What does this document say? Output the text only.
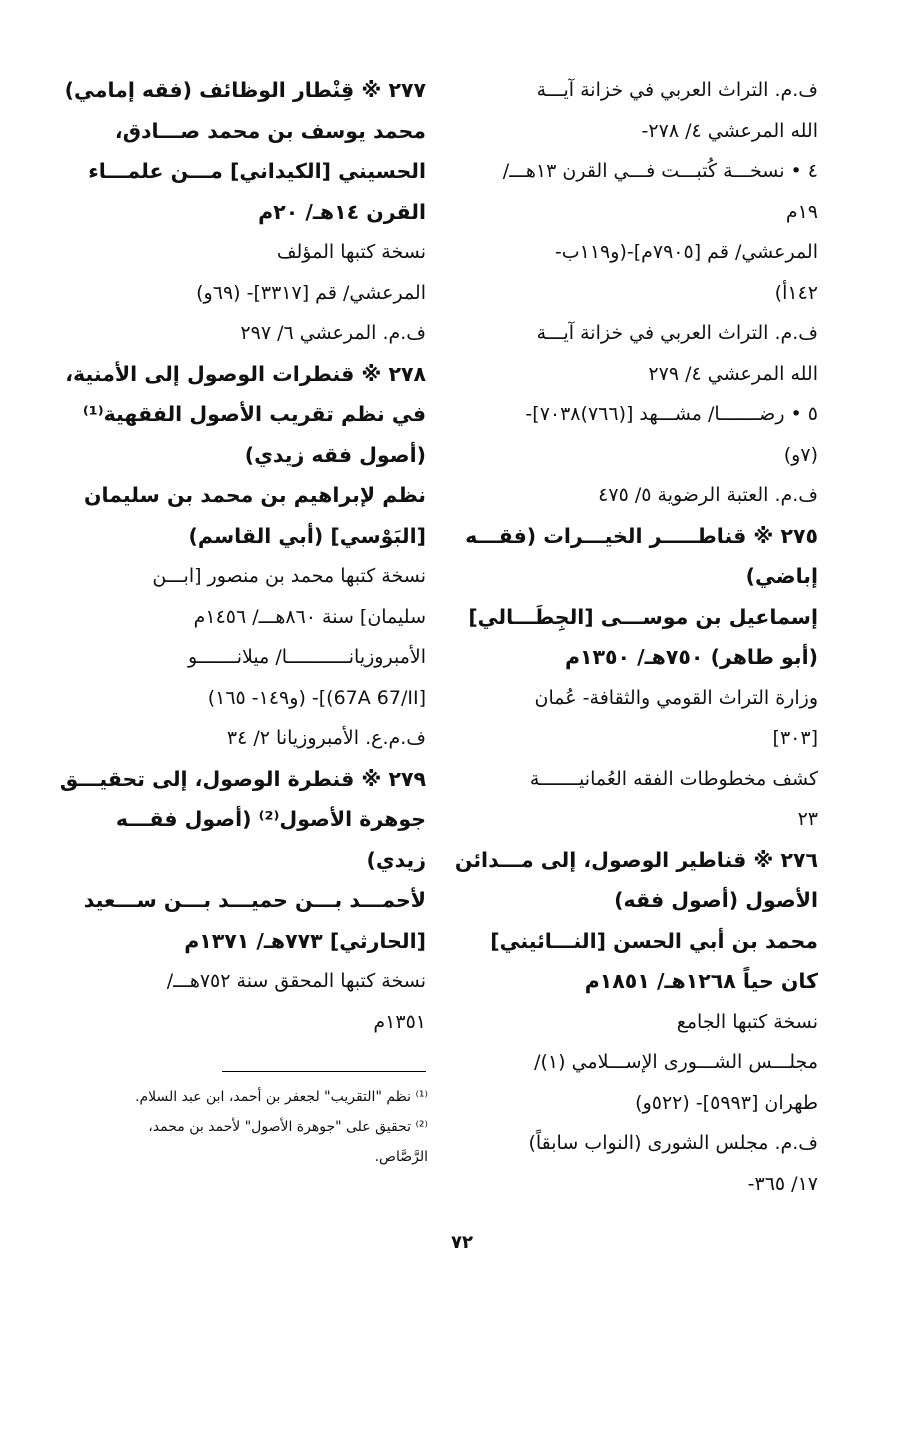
ف.م. التراث العربي في خزانة آيـــة
الله المرعشي ٤/ ٢٧٨-
٤ • نسخـــة كُتبـــت فـــي القرن ١٣هـــ/
١٩م
المرعشي/ قم [٧٩٠٥م]-(و١١٩ب-
١٤٢أ)
ف.م. التراث العربي في خزانة آيـــة
الله المرعشي ٤/ ٢٧٩
٥ • رضـــــــا/ مشـــهد [(٧٦٦)٧٠٣٨]-
(٧و)
ف.م. العتبة الرضوية ٥/ ٤٧٥
٢٧٥ ※ قناطـــــر الخيـــرات (فقـــه
إباضي)
إسماعيل بن موســـى [الجِطَـــالي]
(أبو طاهر) ٧٥٠هـ/ ١٣٥٠م
وزارة التراث القومي والثقافة- عُمان
[٣٠٣]
كشف مخطوطات الفقه العُمانيـــــــة
٢٣
٢٧٦ ※ قناطير الوصول، إلى مـــدائن
الأصول (أصول فقه)
محمد بن أبي الحسن [النـــائيني]
كان حياً ١٢٦٨هـ/ ١٨٥١م
نسخة كتبها الجامع
مجلـــس الشـــورى الإســـلامي (١)/
طهران [٥٩٩٣]- (٥٢٢و)
ف.م. مجلس الشورى (النواب سابقاً)
١٧/ ٣٦٥-
٢٧٧ ※ قِنْطار الوظائف (فقه إمامي)
محمد يوسف بن محمد صـــادق،
الحسيني [الكيداني] مـــن علمـــاء
القرن ١٤هـ/ ٢٠م
نسخة كتبها المؤلف
المرعشي/ قم [٣٣١٧]- (٦٩و)
ف.م. المرعشي ٦/ ٢٩٧
٢٧٨ ※ قنطرات الوصول إلى الأمنية،
في نظم تقريب الأصول الفقهية⁽¹⁾
(أصول فقه زيدي)
نظم لإبراهيم بن محمد بن سليمان
[البَوْسي] (أبي القاسم)
نسخة كتبها محمد بن منصور [ابـــن
سليمان] سنة ٨٦٠هـــ/ ١٤٥٦م
الأمبروزيانـــــــــــا/ ميلانـــــــو
[67A 67/II)]- (و١٤٩- ١٦٥)
ف.م.ع. الأمبروزيانا ٢/ ٣٤
٢٧٩ ※ قنطرة الوصول، إلى تحقيـــق
جوهرة الأصول⁽²⁾ (أصول فقـــه
زيدي)
لأحمـــد بـــن حميـــد بـــن ســـعيد
[الحارثي] ٧٧٣هـ/ ١٣٧١م
نسخة كتبها المحقق سنة ٧٥٢هـــ/
١٣٥١م
⁽¹⁾ نظم "التقريب" لجعفر بن أحمد، ابن عبد السلام.
⁽²⁾ تحقيق على "جوهرة الأصول" لأحمد بن محمد،
الرَّصَّاص.
٧٢
